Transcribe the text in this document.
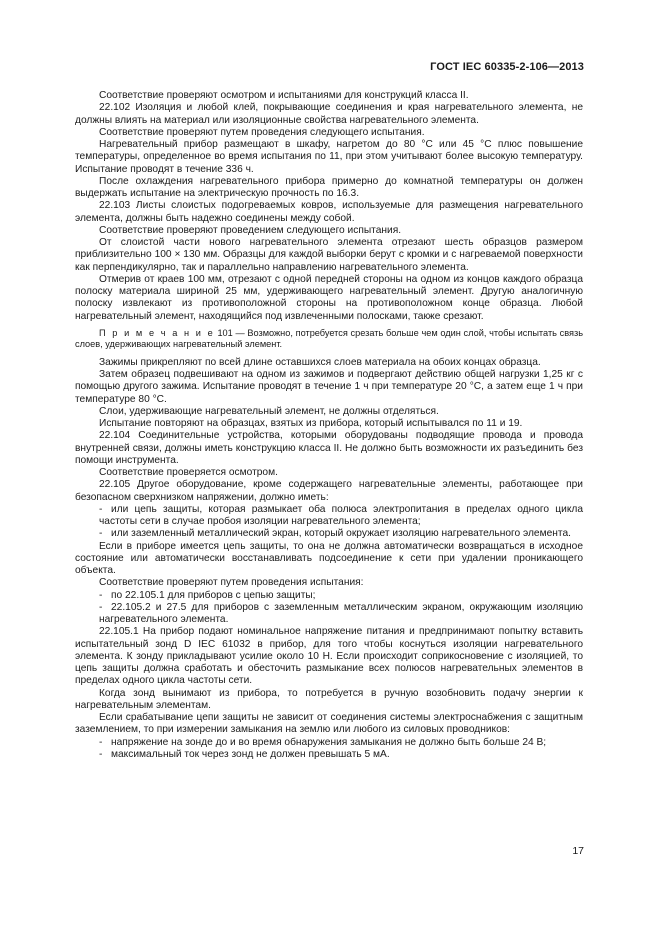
ГОСТ IEC 60335-2-106—2013

Соответствие проверяют осмотром и испытаниями для конструкций класса II.

22.102 Изоляция и любой клей, покрывающие соединения и края нагревательного элемента, не должны влиять на материал или изоляционные свойства нагревательного элемента.

Соответствие проверяют путем проведения следующего испытания.

Нагревательный прибор размещают в шкафу, нагретом до 80 °С или 45 °С плюс повышение температуры, определенное во время испытания по 11, при этом учитывают более высокую температуру. Испытание проводят в течение 336 ч.

После охлаждения нагревательного прибора примерно до комнатной температуры он должен выдержать испытание на электрическую прочность по 16.3.

22.103 Листы слоистых подогреваемых ковров, используемые для размещения нагревательного элемента, должны быть надежно соединены между собой.

Соответствие проверяют проведением следующего испытания.

От слоистой части нового нагревательного элемента отрезают шесть образцов размером приблизительно 100 × 130 мм. Образцы для каждой выборки берут с кромки и с нагреваемой поверхности как перпендикулярно, так и параллельно направлению нагревательного элемента.

Отмерив от краев 100 мм, отрезают с одной передней стороны на одном из концов каждого образца полоску материала шириной 25 мм, удерживающего нагревательный элемент. Другую аналогичную полоску извлекают из противоположной стороны на противоположном конце образца. Любой нагревательный элемент, находящийся под извлеченными полосками, также срезают.

П р и м е ч а н и е 101 — Возможно, потребуется срезать больше чем один слой, чтобы испытать связь слоев, удерживающих нагревательный элемент.

Зажимы прикрепляют по всей длине оставшихся слоев материала на обоих концах образца.

Затем образец подвешивают на одном из зажимов и подвергают действию общей нагрузки 1,25 кг с помощью другого зажима. Испытание проводят в течение 1 ч при температуре 20 °С, а затем еще 1 ч при температуре 80 °С.

Слои, удерживающие нагревательный элемент, не должны отделяться.

Испытание повторяют на образцах, взятых из прибора, который испытывался по 11 и 19.

22.104 Соединительные устройства, которыми оборудованы подводящие провода и провода внутренней связи, должны иметь конструкцию класса II. Не должно быть возможности их разъединить без помощи инструмента.

Соответствие проверяется осмотром.

22.105 Другое оборудование, кроме содержащего нагревательные элементы, работающее при безопасном сверхнизком напряжении, должно иметь:

- или цепь защиты, которая размыкает оба полюса электропитания в пределах одного цикла частоты сети в случае пробоя изоляции нагревательного элемента;

- или заземленный металлический экран, который окружает изоляцию нагревательного элемента.

Если в приборе имеется цепь защиты, то она не должна автоматически возвращаться в исходное состояние или автоматически восстанавливать подсоединение к сети при удалении проникающего объекта.

Соответствие проверяют путем проведения испытания:

- по 22.105.1 для приборов с цепью защиты;

- 22.105.2 и 27.5 для приборов с заземленным металлическим экраном, окружающим изоляцию нагревательного элемента.

22.105.1 На прибор подают номинальное напряжение питания и предпринимают попытку вставить испытательный зонд D IEC 61032 в прибор, для того чтобы коснуться изоляции нагревательного элемента. К зонду прикладывают усилие около 10 Н. Если происходит соприкосновение с изоляцией, то цепь защиты должна сработать и обесточить размыкание всех полюсов нагревательных элементов в пределах одного цикла частоты сети.

Когда зонд вынимают из прибора, то потребуется в ручную возобновить подачу энергии к нагревательным элементам.

Если срабатывание цепи защиты не зависит от соединения системы электроснабжения с защитным заземлением, то при измерении замыкания на землю или любого из силовых проводников:

- напряжение на зонде до и во время обнаружения замыкания не должно быть больше 24 В;

- максимальный ток через зонд не должен превышать 5 мА.

17
